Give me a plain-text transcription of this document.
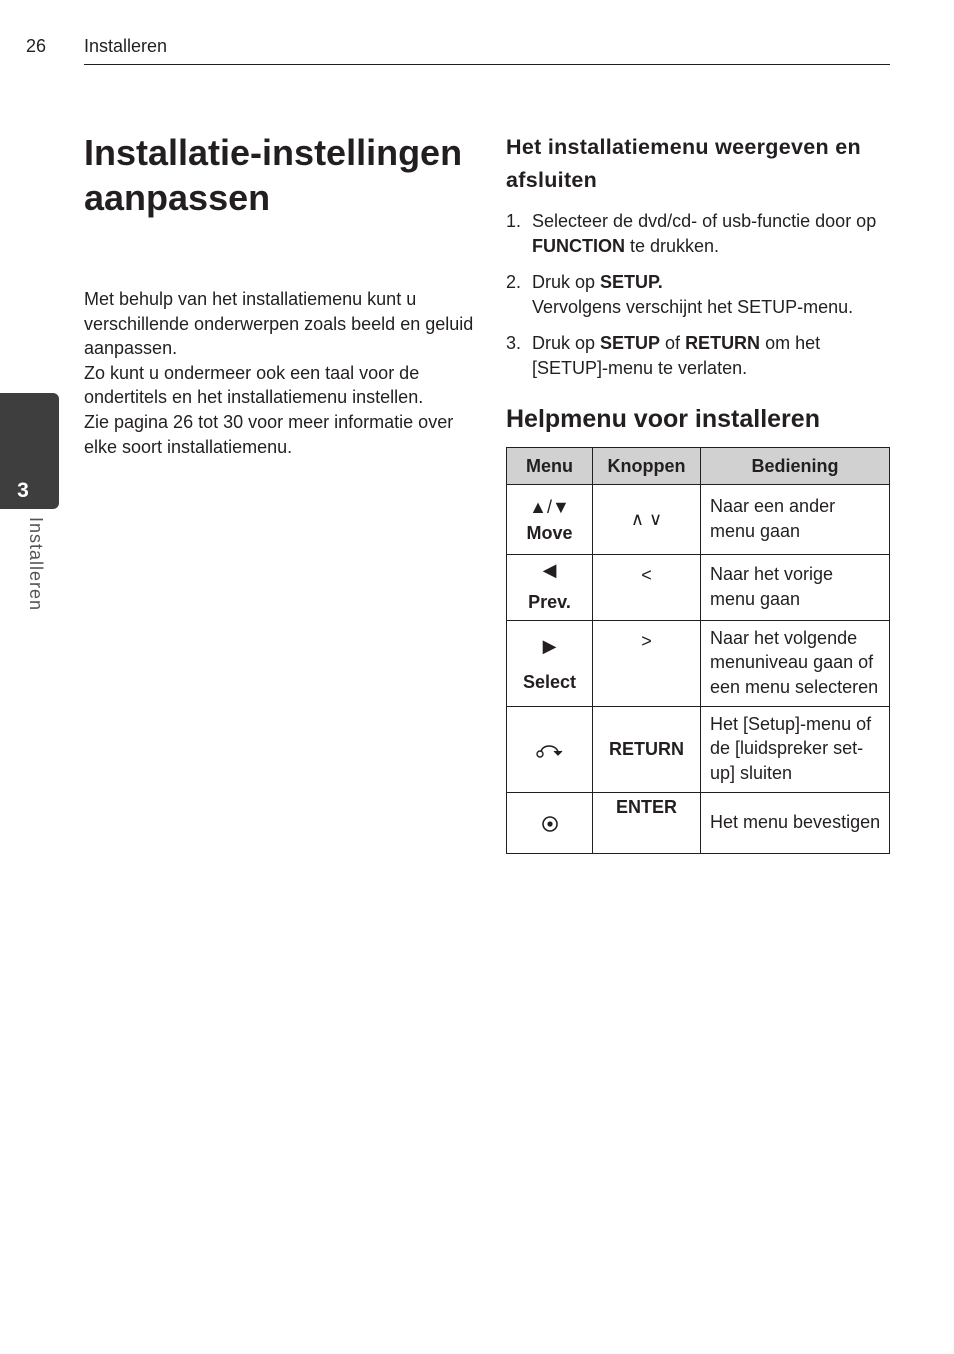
26 Installeren
3
Installeren
Installatie-instellingen aanpassen

Met behulp van het installatiemenu kunt u verschillende onderwerpen zoals beeld en geluid aanpassen.

Zo kunt u ondermeer ook een taal voor de ondertitels en het installatiemenu instellen.

Zie pagina 26 tot 30 voor meer informatie over elke soort installatiemenu.

Het installatiemenu weergeven en afsluiten
1. Selecteer de dvd/cd- of usb-functie door op FUNCTION te drukken.
2. Druk op SETUP.
Vervolgens verschijnt het SETUP-menu.
3. Druk op SETUP of RETURN om het [SETUP]-menu te verlaten.
Helpmenu voor installeren
Menu	Knoppen	Bediening

▲/▼
Move	∧ ∨	Naar een ander menu gaan

◀
Prev.	<	Naar het vorige menu gaan

▶
Select	>	Naar het volgende menuniveau gaan of een menu selecteren
	RETURN	Het [Setup]-menu of de [luidspreker set-up] sluiten
	ENTER	Het menu bevestigen
